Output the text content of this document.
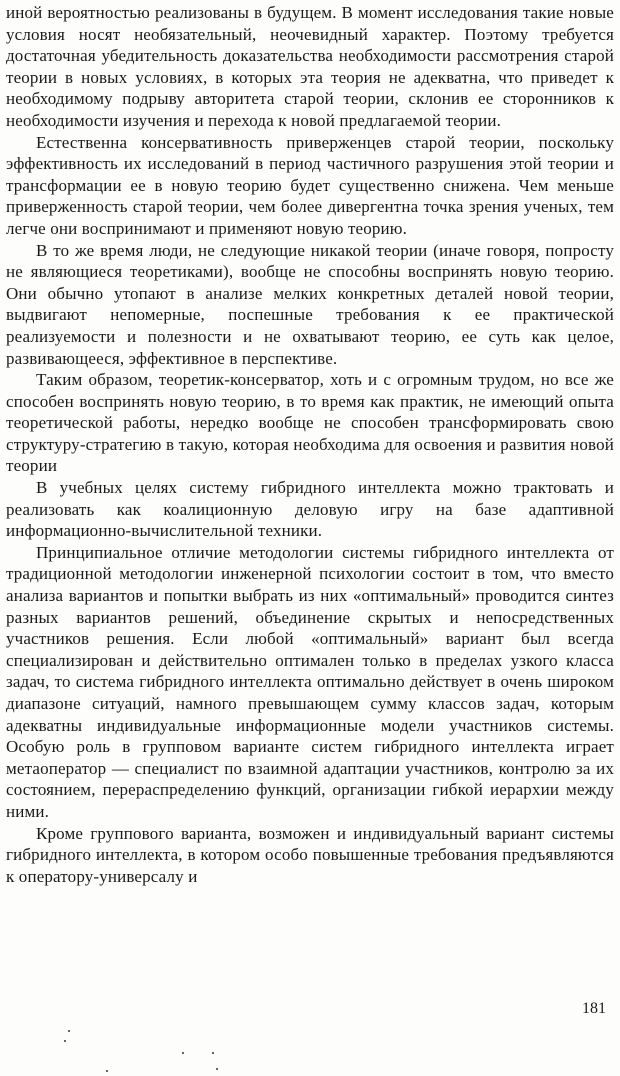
иной вероятностью реализованы в будущем. В момент исследования такие новые условия носят необязательный, неочевидный характер. Поэтому требуется достаточная убедительность доказательства необходимости рассмотрения старой теории в новых условиях, в которых эта теория не адекватна, что приведет к необходимому подрыву авторитета старой теории, склонив ее сторонников к необходимости изучения и перехода к новой предлагаемой теории.

Естественна консервативность приверженцев старой теории, поскольку эффективность их исследований в период частичного разрушения этой теории и трансформации ее в новую теорию будет существенно снижена. Чем меньше приверженность старой теории, чем более дивергентна точка зрения ученых, тем легче они воспринимают и применяют новую теорию.

В то же время люди, не следующие никакой теории (иначе говоря, попросту не являющиеся теоретиками), вообще не способны воспринять новую теорию. Они обычно утопают в анализе мелких конкретных деталей новой теории, выдвигают непомерные, поспешные требования к ее практической реализуемости и полезности и не охватывают теорию, ее суть как целое, развивающееся, эффективное в перспективе.

Таким образом, теоретик-консерватор, хоть и с огромным трудом, но все же способен воспринять новую теорию, в то время как практик, не имеющий опыта теоретической работы, нередко вообще не способен трансформировать свою структуру-стратегию в такую, которая необходима для освоения и развития новой теории

В учебных целях систему гибридного интеллекта можно трактовать и реализовать как коалиционную деловую игру на базе адаптивной информационно-вычислительной техники.

Принципиальное отличие методологии системы гибридного интеллекта от традиционной методологии инженерной психологии состоит в том, что вместо анализа вариантов и попытки выбрать из них «оптимальный» проводится синтез разных вариантов решений, объединение скрытых и непосредственных участников решения. Если любой «оптимальный» вариант был всегда специализирован и действительно оптимален только в пределах узкого класса задач, то система гибридного интеллекта оптимально действует в очень широком диапазоне ситуаций, намного превышающем сумму классов задач, которым адекватны индивидуальные информационные модели участников системы. Особую роль в групповом варианте систем гибридного интеллекта играет метаоператор — специалист по взаимной адаптации участников, контролю за их состоянием, перераспределению функций, организации гибкой иерархии между ними.

Кроме группового варианта, возможен и индивидуальный вариант системы гибридного интеллекта, в котором особо повышенные требования предъявляются к оператору-универсалу и

181
